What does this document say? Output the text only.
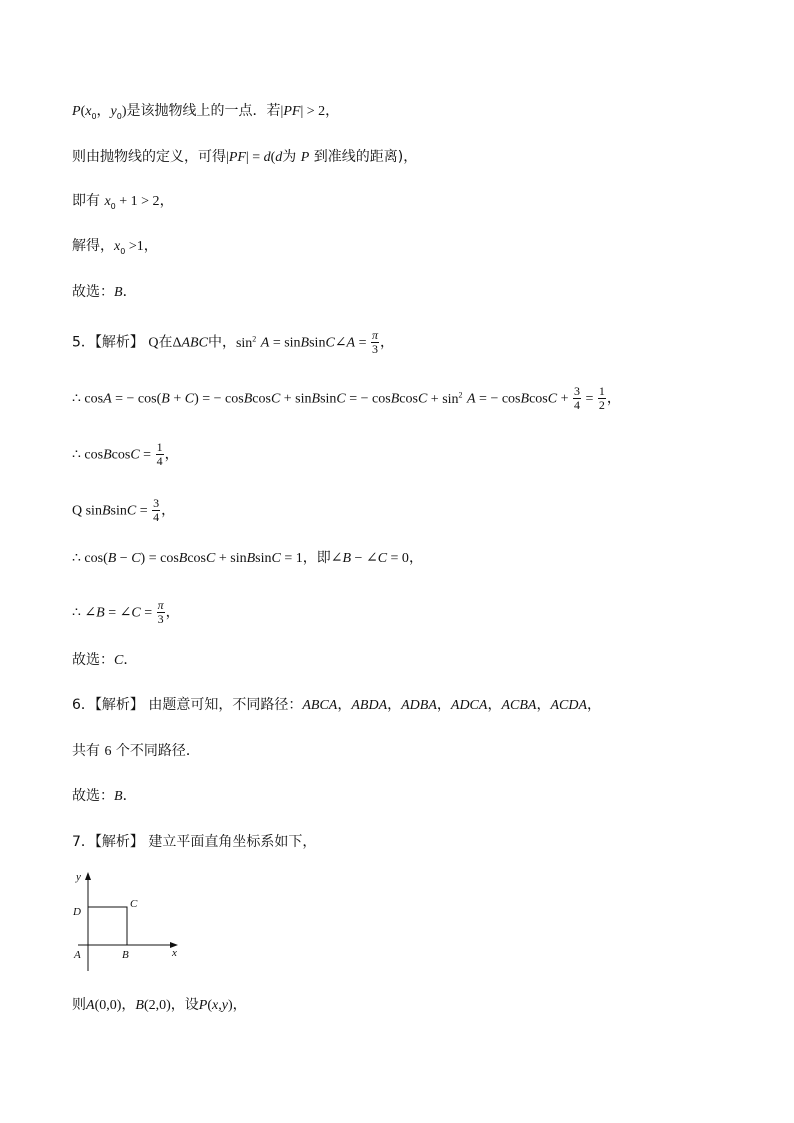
$P(x_0$，$y_0$)是该抛物线上的一点．若|PF| > 2，
则由抛物线的定义，可得|PF| = d(d为 P 到准线的距离)，
即有 $x_0 + 1 > 2$，
解得，$x_0 >1$，
故选：B．
5．【解析】 Q在ΔABC中，$\sin^2 A$ = sinBsinC∠A = $\frac{\pi}{3}$ ，
∴ cosA = − cos(B + C) = − cosBcosC + sinBsinC = − cosBcosC + $\sin^2 A$ = − cosBcosC + $\frac{3}{4} = \frac{1}{2}$ ，
∴ cosBcosC = $\frac{1}{4}$ ，
Q sinBsinC = $\frac{3}{4}$ ，
∴ cos(B − C) = cosBcosC + sinBsinC = 1，即∠B − ∠C = 0，
∴ ∠B = ∠C = $\frac{\pi}{3}$ ，
故选：C．
6．【解析】 由题意可知，不同路径：ABCA，ABDA，ADBA，ADCA，ACBA，ACDA，
共有 6 个不同路径．
故选：B．
7．【解析】 建立平面直角坐标系如下，
y
x
D
C
A	B
则A(0,0)，B(2,0)，设P(x,y)，
